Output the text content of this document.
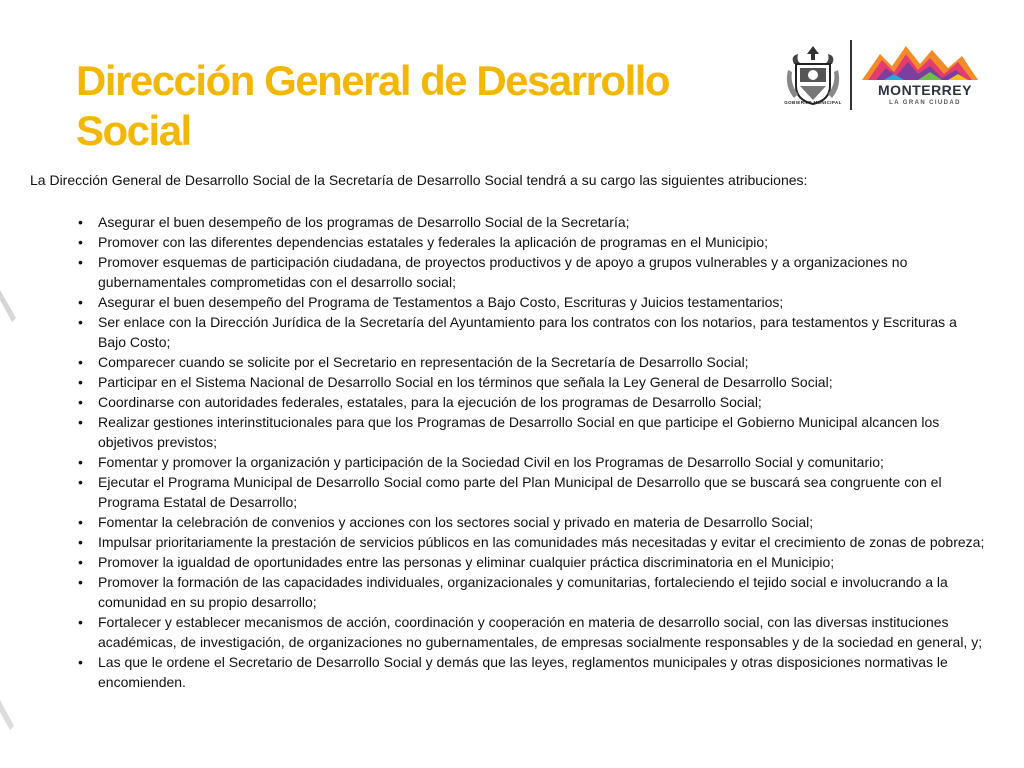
Dirección General de Desarrollo Social
GOBIERNO MUNICIPAL
MONTERREY
LA GRAN CIUDAD

La Dirección General de Desarrollo Social de la Secretaría de Desarrollo Social tendrá a su cargo las siguientes atribuciones:

• Asegurar el buen desempeño de los programas de Desarrollo Social de la Secretaría;
• Promover con las diferentes dependencias estatales y federales la aplicación de programas en el Municipio;
• Promover esquemas de participación ciudadana, de proyectos productivos y de apoyo a grupos vulnerables y a organizaciones no gubernamentales comprometidas con el desarrollo social;
• Asegurar el buen desempeño del Programa de Testamentos a Bajo Costo, Escrituras y Juicios testamentarios;
• Ser enlace con la Dirección Jurídica de la Secretaría del Ayuntamiento para los contratos con los notarios, para testamentos y Escrituras a Bajo Costo;
• Comparecer cuando se solicite por el Secretario en representación de la Secretaría de Desarrollo Social;
• Participar en el Sistema Nacional de Desarrollo Social en los términos que señala la Ley General de Desarrollo Social;
• Coordinarse con autoridades federales, estatales, para la ejecución de los programas de Desarrollo Social;
• Realizar gestiones interinstitucionales para que los Programas de Desarrollo Social en que participe el Gobierno Municipal alcancen los objetivos previstos;
• Fomentar y promover la organización y participación de la Sociedad Civil en los Programas de Desarrollo Social y comunitario;
• Ejecutar el Programa Municipal de Desarrollo Social como parte del Plan Municipal de Desarrollo que se buscará sea congruente con el Programa Estatal de Desarrollo;
• Fomentar la celebración de convenios y acciones con los sectores social y privado en materia de Desarrollo Social;
• Impulsar prioritariamente la prestación de servicios públicos en las comunidades más necesitadas y evitar el crecimiento de zonas de pobreza;
• Promover la igualdad de oportunidades entre las personas y eliminar cualquier práctica discriminatoria en el Municipio;
• Promover la formación de las capacidades individuales, organizacionales y comunitarias, fortaleciendo el tejido social e involucrando a la comunidad en su propio desarrollo;
• Fortalecer y establecer mecanismos de acción, coordinación y cooperación en materia de desarrollo social, con las diversas instituciones académicas, de investigación, de organizaciones no gubernamentales, de empresas socialmente responsables y de la sociedad en general, y;
• Las que le ordene el Secretario de Desarrollo Social y demás que las leyes, reglamentos municipales y otras disposiciones normativas le encomienden.
